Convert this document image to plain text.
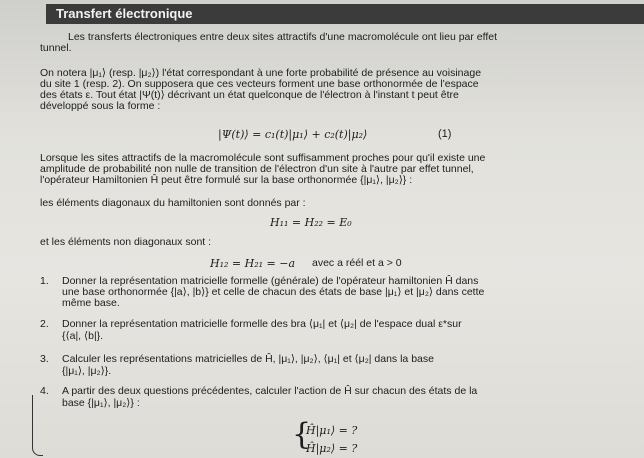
Transfert électronique
Les transferts électroniques entre deux sites attractifs d'une macromolécule ont lieu par effet
tunnel.
On notera |μ₁⟩ (resp. |μ₂⟩) l'état correspondant à une forte probabilité de présence au voisinage
du site 1 (resp. 2). On supposera que ces vecteurs forment une base orthonormée de l'espace
des états ε. Tout état |Ψ(t)⟩ décrivant un état quelconque de l'électron à l'instant t peut être
développé sous la forme :
|Ψ(t)⟩ = c₁(t)|μ₁⟩ + c₂(t)|μ₂⟩	(1)
Lorsque les sites attractifs de la macromolécule sont suffisamment proches pour qu'il existe une
amplitude de probabilité non nulle de transition de l'électron d'un site à l'autre par effet tunnel,
l'opérateur Hamiltonien Ĥ peut être formulé sur la base orthonormée {|μ₁⟩, |μ₂⟩} :
les éléments diagonaux du hamiltonien sont donnés par :
H₁₁ = H₂₂ = E₀
et les éléments non diagonaux sont :
H₁₂ = H₂₁ = −a avec a réél et a > 0
1. Donner la représentation matricielle formelle (générale) de l'opérateur hamiltonien Ĥ dans
une base orthonormée {|a⟩, |b⟩} et celle de chacun des états de base |μ₁⟩ et |μ₂⟩ dans cette
même base.
2. Donner la représentation matricielle formelle des bra ⟨μ₁| et ⟨μ₂| de l'espace dual ε*sur
{⟨a|, ⟨b|}.
3. Calculer les représentations matricielles de Ĥ, |μ₁⟩, |μ₂⟩, ⟨μ₁| et ⟨μ₂| dans la base
{|μ₁⟩, |μ₂⟩}.
4. A partir des deux questions précédentes, calculer l'action de Ĥ sur chacun des états de la
base {|μ₁⟩, |μ₂⟩} :
{
Ĥ|μ₁⟩ = ?
Ĥ|μ₂⟩ = ?
